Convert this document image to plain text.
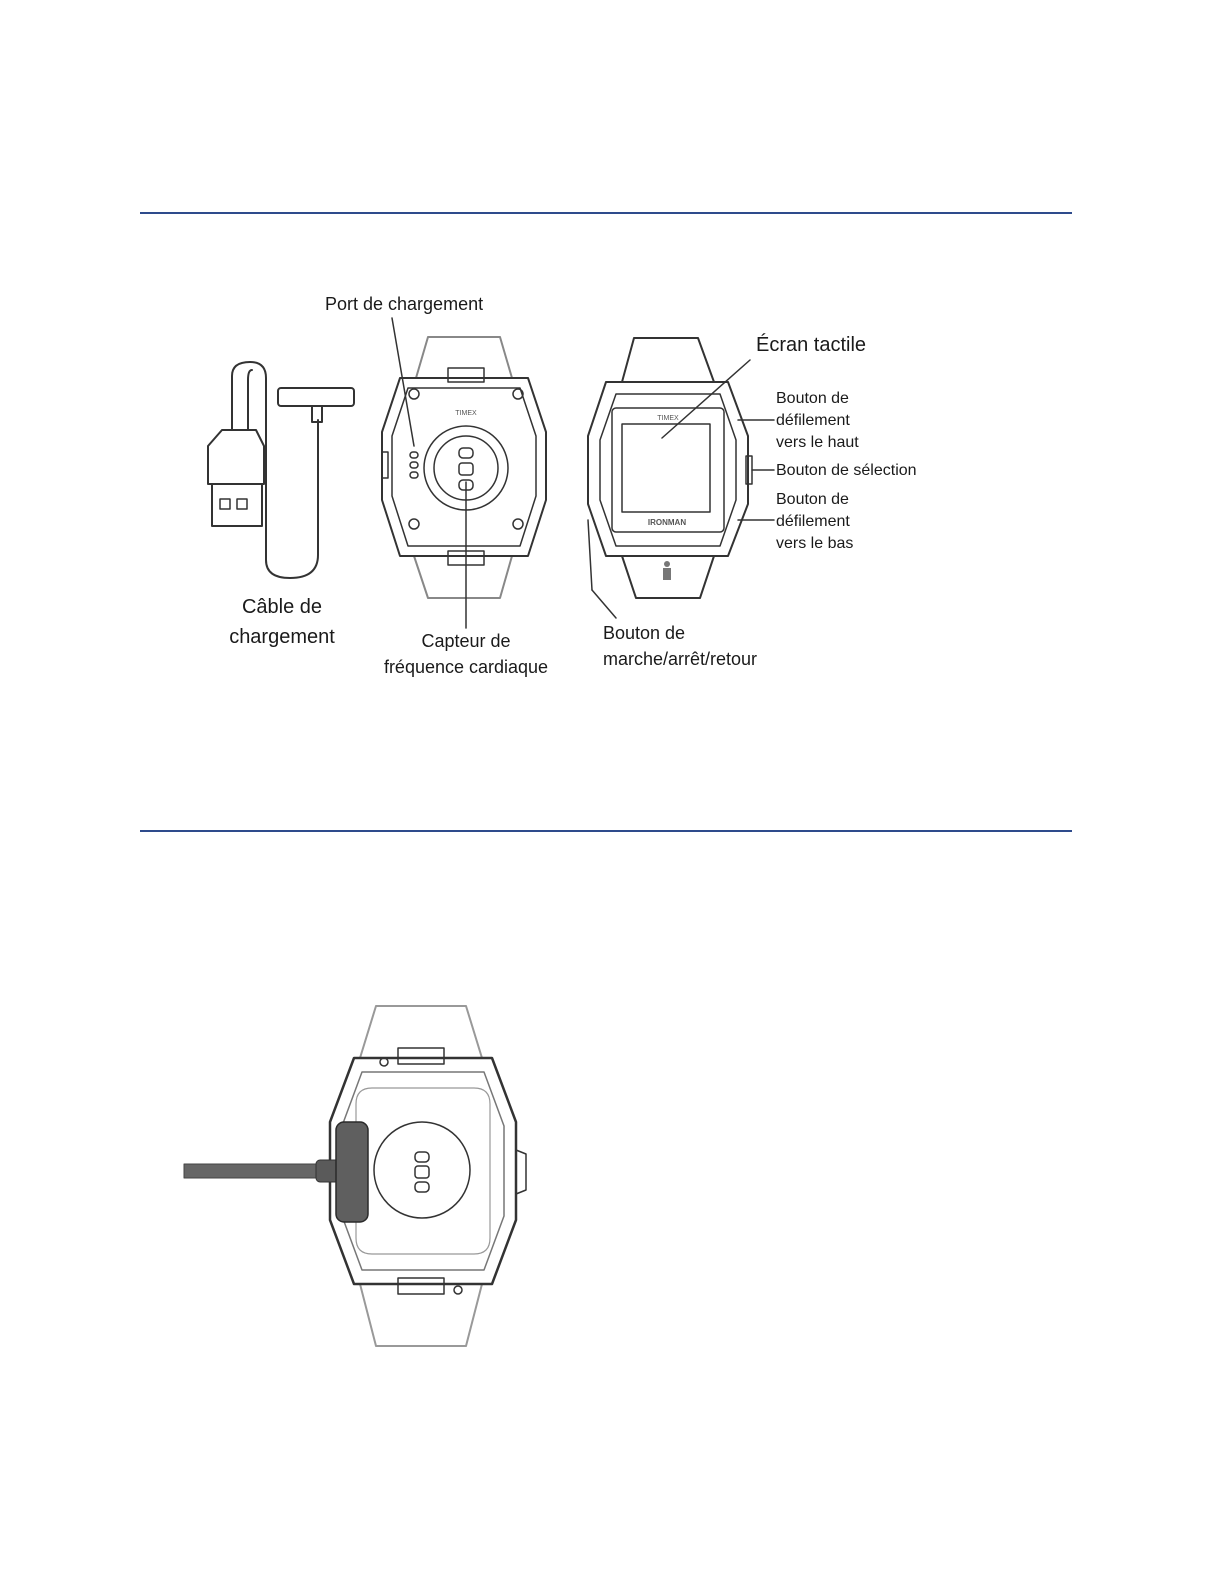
TIMEX
TIMEX
IRONMAN
Port de chargement
Écran tactile
Bouton de
défilement
vers le haut
Bouton de sélection
Bouton de
défilement
vers le bas
Câble de
chargement	Capteur de
fréquence cardiaque
Bouton de
marche/arrêt/retour
